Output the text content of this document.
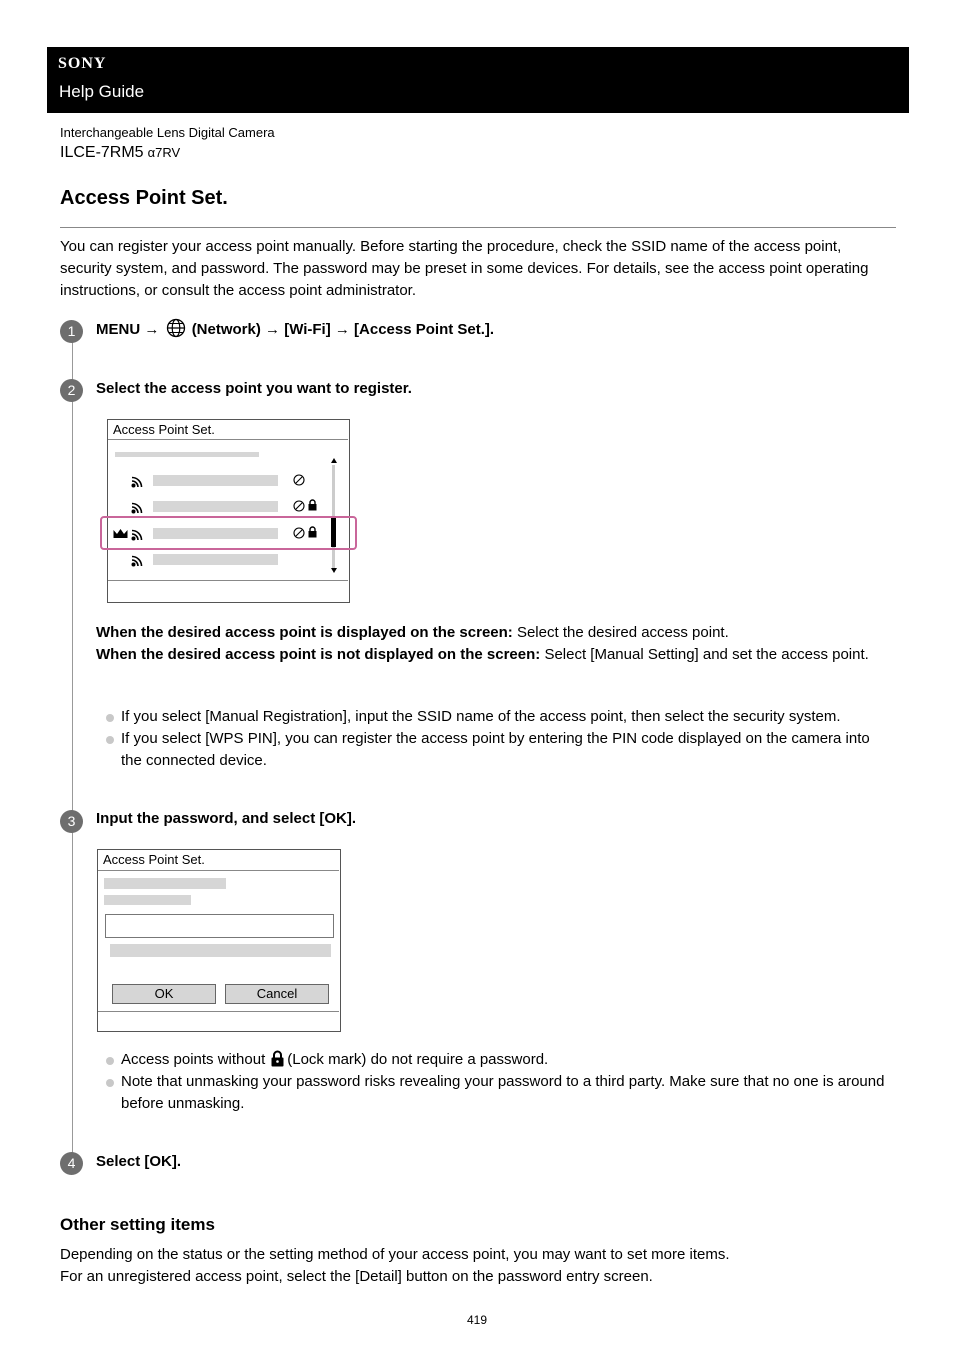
SONY
Help Guide
Interchangeable Lens Digital Camera
ILCE-7RM5 α7RV
Access Point Set.

You can register your access point manually. Before starting the procedure, check the SSID name of the access point, security system, and password. The password may be preset in some devices. For details, see the access point operating instructions, or consult the access point administrator.

1	MENU → (Network) → [Wi-Fi] → [Access Point Set.].
2	Select the access point you want to register.
Access Point Set.

When the desired access point is displayed on the screen: Select the desired access point.
When the desired access point is not displayed on the screen: Select [Manual Setting] and set the access point.

If you select [Manual Registration], input the SSID name of the access point, then select the security system.
If you select [WPS PIN], you can register the access point by entering the PIN code displayed on the camera into the connected device.
3	Input the password, and select [OK].
Access Point Set.
OK	Cancel
Access points without (Lock mark) do not require a password.
Note that unmasking your password risks revealing your password to a third party. Make sure that no one is around before unmasking.
4	Select [OK].
Other setting items

Depending on the status or the setting method of your access point, you may want to set more items.
For an unregistered access point, select the [Detail] button on the password entry screen.

419
